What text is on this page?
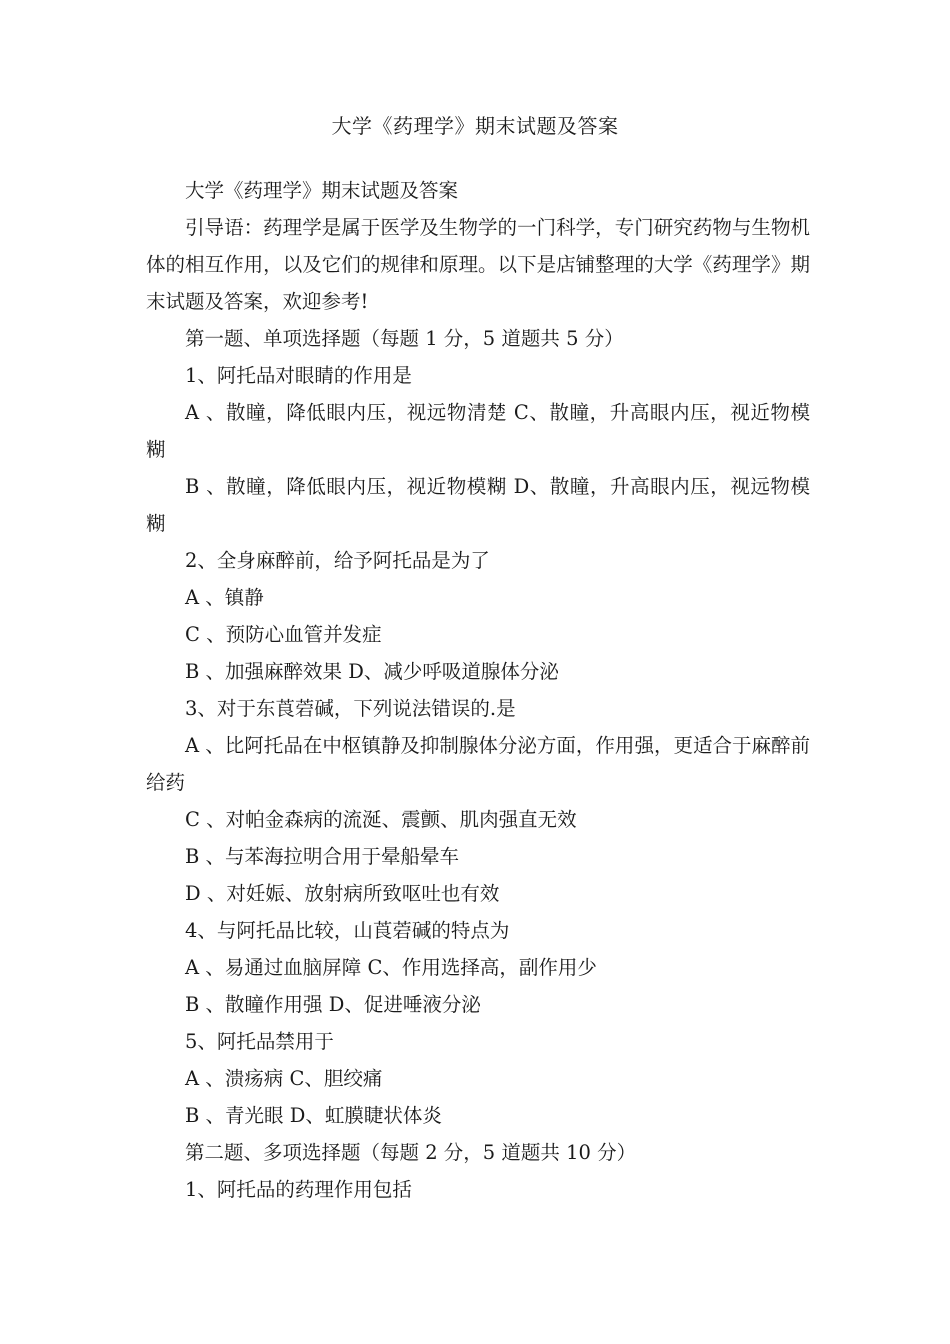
大学《药理学》期末试题及答案

大学《药理学》期末试题及答案

引导语：药理学是属于医学及生物学的一门科学，专门研究药物与生物机体的相互作用，以及它们的规律和原理。以下是店铺整理的大学《药理学》期末试题及答案，欢迎参考!

第一题、单项选择题（每题 1 分，5 道题共 5 分）

1、阿托品对眼睛的作用是

A 、散瞳，降低眼内压，视远物清楚 C、散瞳，升高眼内压，视近物模糊

B 、散瞳，降低眼内压，视近物模糊 D、散瞳，升高眼内压，视远物模糊

2、全身麻醉前，给予阿托品是为了

A 、镇静

C 、预防心血管并发症

B 、加强麻醉效果 D、减少呼吸道腺体分泌

3、对于东莨菪碱，下列说法错误的.是

A 、比阿托品在中枢镇静及抑制腺体分泌方面，作用强，更适合于麻醉前给药

C 、对帕金森病的流涎、震颤、肌肉强直无效

B 、与苯海拉明合用于晕船晕车

D 、对妊娠、放射病所致呕吐也有效

4、与阿托品比较，山莨菪碱的特点为

A 、易通过血脑屏障 C、作用选择高，副作用少

B 、散瞳作用强 D、促进唾液分泌

5、阿托品禁用于

A 、溃疡病 C、胆绞痛

B 、青光眼 D、虹膜睫状体炎

第二题、多项选择题（每题 2 分，5 道题共 10 分）

1、阿托品的药理作用包括
